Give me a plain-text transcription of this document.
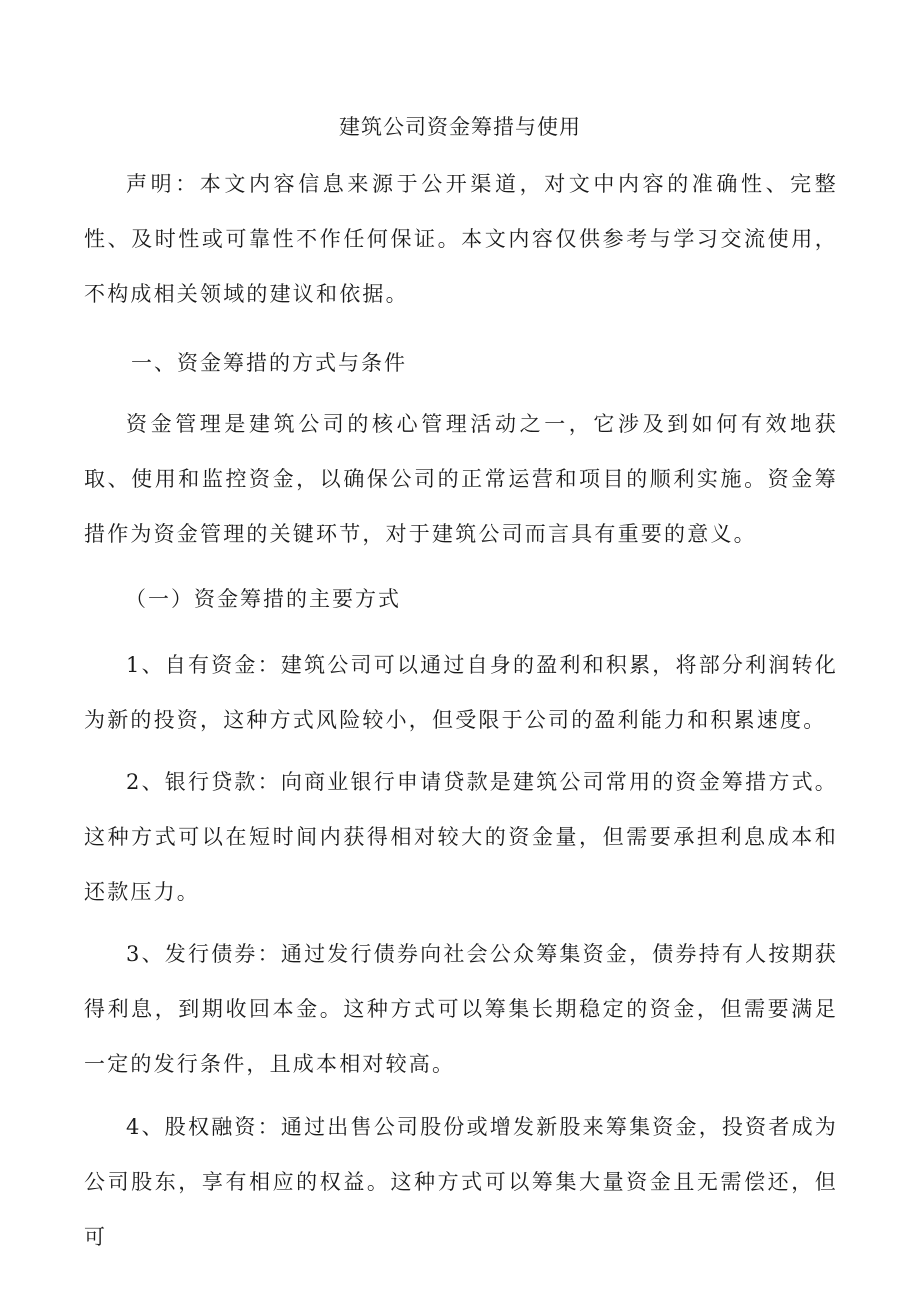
建筑公司资金筹措与使用

声明：本文内容信息来源于公开渠道，对文中内容的准确性、完整性、及时性或可靠性不作任何保证。本文内容仅供参考与学习交流使用，不构成相关领域的建议和依据。

一、资金筹措的方式与条件

资金管理是建筑公司的核心管理活动之一，它涉及到如何有效地获取、使用和监控资金，以确保公司的正常运营和项目的顺利实施。资金筹措作为资金管理的关键环节，对于建筑公司而言具有重要的意义。

（一）资金筹措的主要方式

1、自有资金：建筑公司可以通过自身的盈利和积累，将部分利润转化为新的投资，这种方式风险较小，但受限于公司的盈利能力和积累速度。

2、银行贷款：向商业银行申请贷款是建筑公司常用的资金筹措方式。这种方式可以在短时间内获得相对较大的资金量，但需要承担利息成本和还款压力。

3、发行债券：通过发行债券向社会公众筹集资金，债券持有人按期获得利息，到期收回本金。这种方式可以筹集长期稳定的资金，但需要满足一定的发行条件，且成本相对较高。

4、股权融资：通过出售公司股份或增发新股来筹集资金，投资者成为公司股东，享有相应的权益。这种方式可以筹集大量资金且无需偿还，但可
